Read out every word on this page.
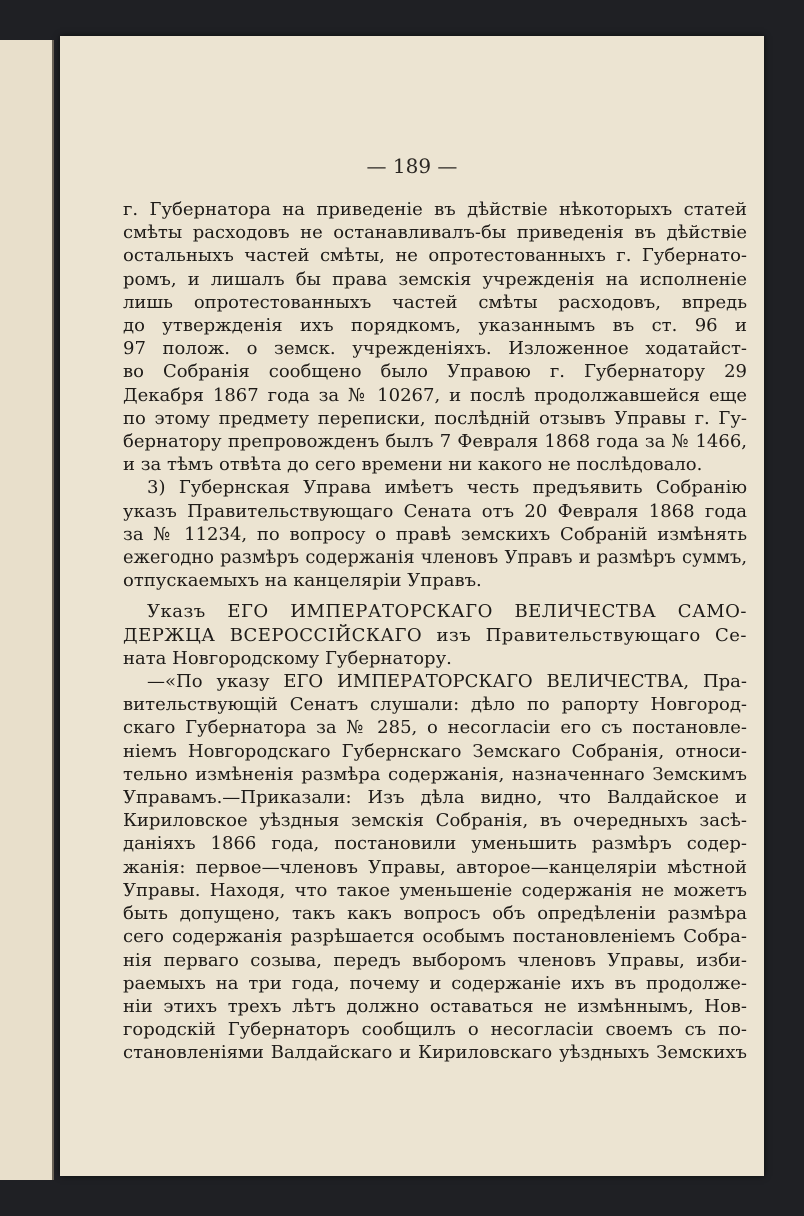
— 189 —

г. Губернатора на приведеніе въ дѣйствіе нѣкоторыхъ статей
смѣты расходовъ не останавливалъ-бы приведенія въ дѣйствіе
остальныхъ частей смѣты, не опротестованныхъ г. Губернато-
ромъ, и лишалъ бы права земскія учрежденія на исполненіе
лишь опротестованныхъ частей смѣты расходовъ, впредь
до утвержденія ихъ порядкомъ, указаннымъ въ ст. 96 и
97 полож. о земск. учрежденіяхъ. Изложенное ходатайст-
во Собранія сообщено было Управою г. Губернатору 29
Декабря 1867 года за № 10267, и послѣ продолжавшейся еще
по этому предмету переписки, послѣдній отзывъ Управы г. Гу-
бернатору препровожденъ былъ 7 Февраля 1868 года за № 1466,
и за тѣмъ отвѣта до сего времени ни какого не послѣдовало.

3) Губернская Управа имѣетъ честь предъявить Собранію
указъ Правительствующаго Сената отъ 20 Февраля 1868 года
за № 11234, по вопросу о правѣ земскихъ Собраній измѣнять
ежегодно размѣръ содержанія членовъ Управъ и размѣръ суммъ,
отпускаемыхъ на канцеляріи Управъ.

Указъ ЕГО ИМПЕРАТОРСКАГО ВЕЛИЧЕСТВА САМО-
ДЕРЖЦА ВСЕРОССІЙСКАГО изъ Правительствующаго Се-
ната Новгородскому Губернатору.

—«По указу ЕГО ИМПЕРАТОРСКАГО ВЕЛИЧЕСТВА, Пра-
вительствующій Сенатъ слушали: дѣло по рапорту Новгород-
скаго Губернатора за № 285, о несогласіи его съ постановле-
ніемъ Новгородскаго Губернскаго Земскаго Собранія, относи-
тельно измѣненія размѣра содержанія, назначеннаго Земскимъ
Управамъ.—Приказали: Изъ дѣла видно, что Валдайское и
Кириловское уѣздныя земскія Собранія, въ очередныхъ засѣ-
даніяхъ 1866 года, постановили уменьшить размѣръ содер-
жанія: первое—членовъ Управы, авторое—канцеляріи мѣстной
Управы. Находя, что такое уменьшеніе содержанія не можетъ
быть допущено, такъ какъ вопросъ объ опредѣленіи размѣра
сего содержанія разрѣшается особымъ постановленіемъ Собра-
нія перваго созыва, передъ выборомъ членовъ Управы, изби-
раемыхъ на три года, почему и содержаніе ихъ въ продолже-
ніи этихъ трехъ лѣтъ должно оставаться не измѣннымъ, Нов-
городскій Губернаторъ сообщилъ о несогласіи своемъ съ по-
становленіями Валдайскаго и Кириловскаго уѣздныхъ Земскихъ
